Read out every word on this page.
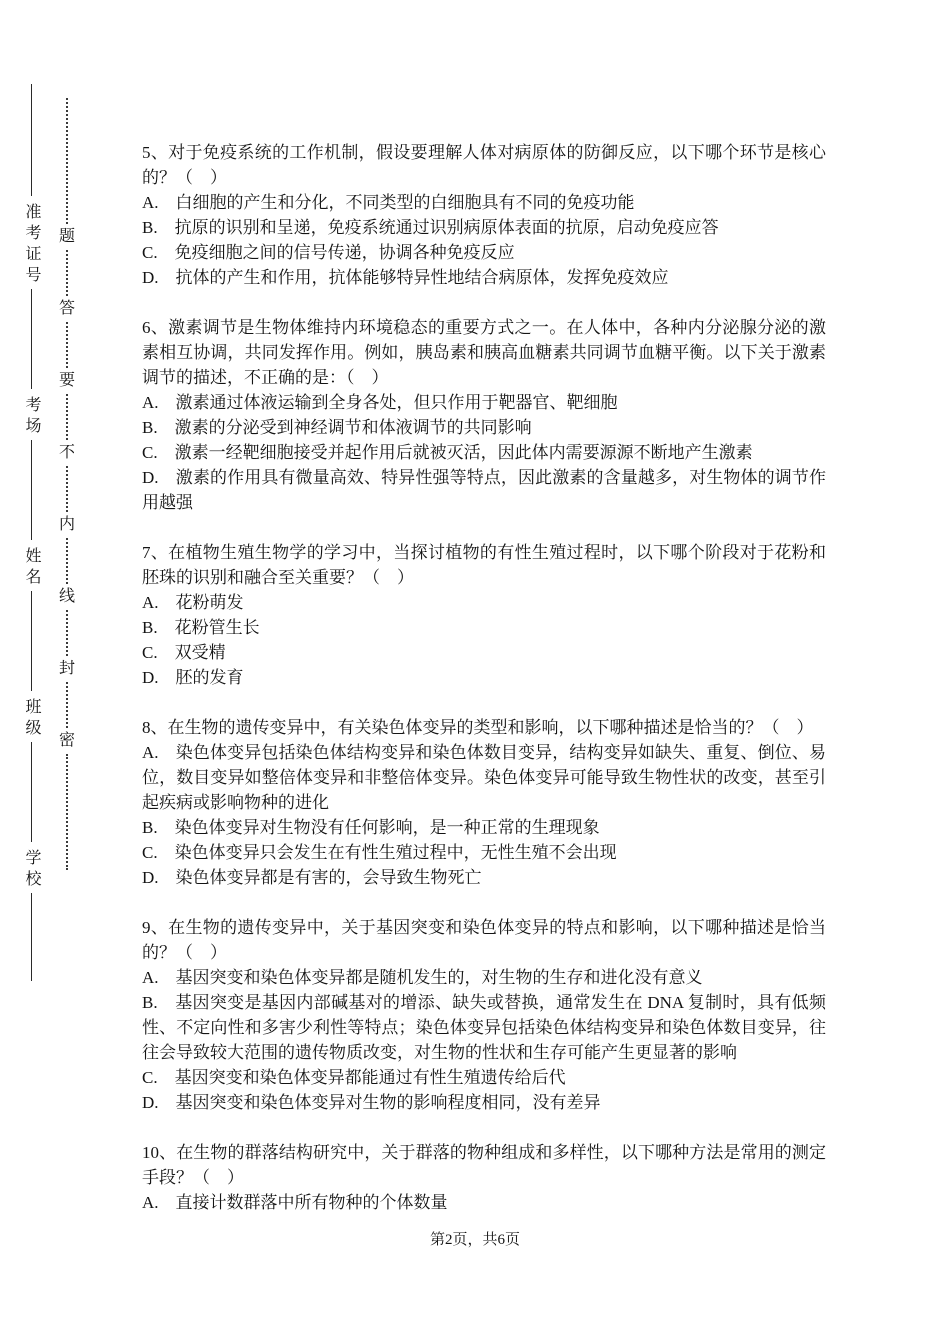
准考证号
考场
姓名
班级
学校
题
答
要
不
内
线
封
密

5、对于免疫系统的工作机制，假设要理解人体对病原体的防御反应，以下哪个环节是核心的？（　）

A.　白细胞的产生和分化，不同类型的白细胞具有不同的免疫功能

B.　抗原的识别和呈递，免疫系统通过识别病原体表面的抗原，启动免疫应答

C.　免疫细胞之间的信号传递，协调各种免疫反应

D.　抗体的产生和作用，抗体能够特异性地结合病原体，发挥免疫效应

6、激素调节是生物体维持内环境稳态的重要方式之一。在人体中，各种内分泌腺分泌的激素相互协调，共同发挥作用。例如，胰岛素和胰高血糖素共同调节血糖平衡。以下关于激素调节的描述，不正确的是：（　）

A.　激素通过体液运输到全身各处，但只作用于靶器官、靶细胞

B.　激素的分泌受到神经调节和体液调节的共同影响

C.　激素一经靶细胞接受并起作用后就被灭活，因此体内需要源源不断地产生激素

D.　激素的作用具有微量高效、特异性强等特点，因此激素的含量越多，对生物体的调节作用越强

7、在植物生殖生物学的学习中，当探讨植物的有性生殖过程时，以下哪个阶段对于花粉和胚珠的识别和融合至关重要？（　）

A.　花粉萌发

B.　花粉管生长

C.　双受精

D.　胚的发育

8、在生物的遗传变异中，有关染色体变异的类型和影响，以下哪种描述是恰当的？（　）

A.　染色体变异包括染色体结构变异和染色体数目变异，结构变异如缺失、重复、倒位、易位，数目变异如整倍体变异和非整倍体变异。染色体变异可能导致生物性状的改变，甚至引起疾病或影响物种的进化

B.　染色体变异对生物没有任何影响，是一种正常的生理现象

C.　染色体变异只会发生在有性生殖过程中，无性生殖不会出现

D.　染色体变异都是有害的，会导致生物死亡

9、在生物的遗传变异中，关于基因突变和染色体变异的特点和影响，以下哪种描述是恰当的？（　）

A.　基因突变和染色体变异都是随机发生的，对生物的生存和进化没有意义

B.　基因突变是基因内部碱基对的增添、缺失或替换，通常发生在 DNA 复制时，具有低频性、不定向性和多害少利性等特点；染色体变异包括染色体结构变异和染色体数目变异，往往会导致较大范围的遗传物质改变，对生物的性状和生存可能产生更显著的影响

C.　基因突变和染色体变异都能通过有性生殖遗传给后代

D.　基因突变和染色体变异对生物的影响程度相同，没有差异

10、在生物的群落结构研究中，关于群落的物种组成和多样性，以下哪种方法是常用的测定手段？（　）

A.　直接计数群落中所有物种的个体数量

第2页，共6页
